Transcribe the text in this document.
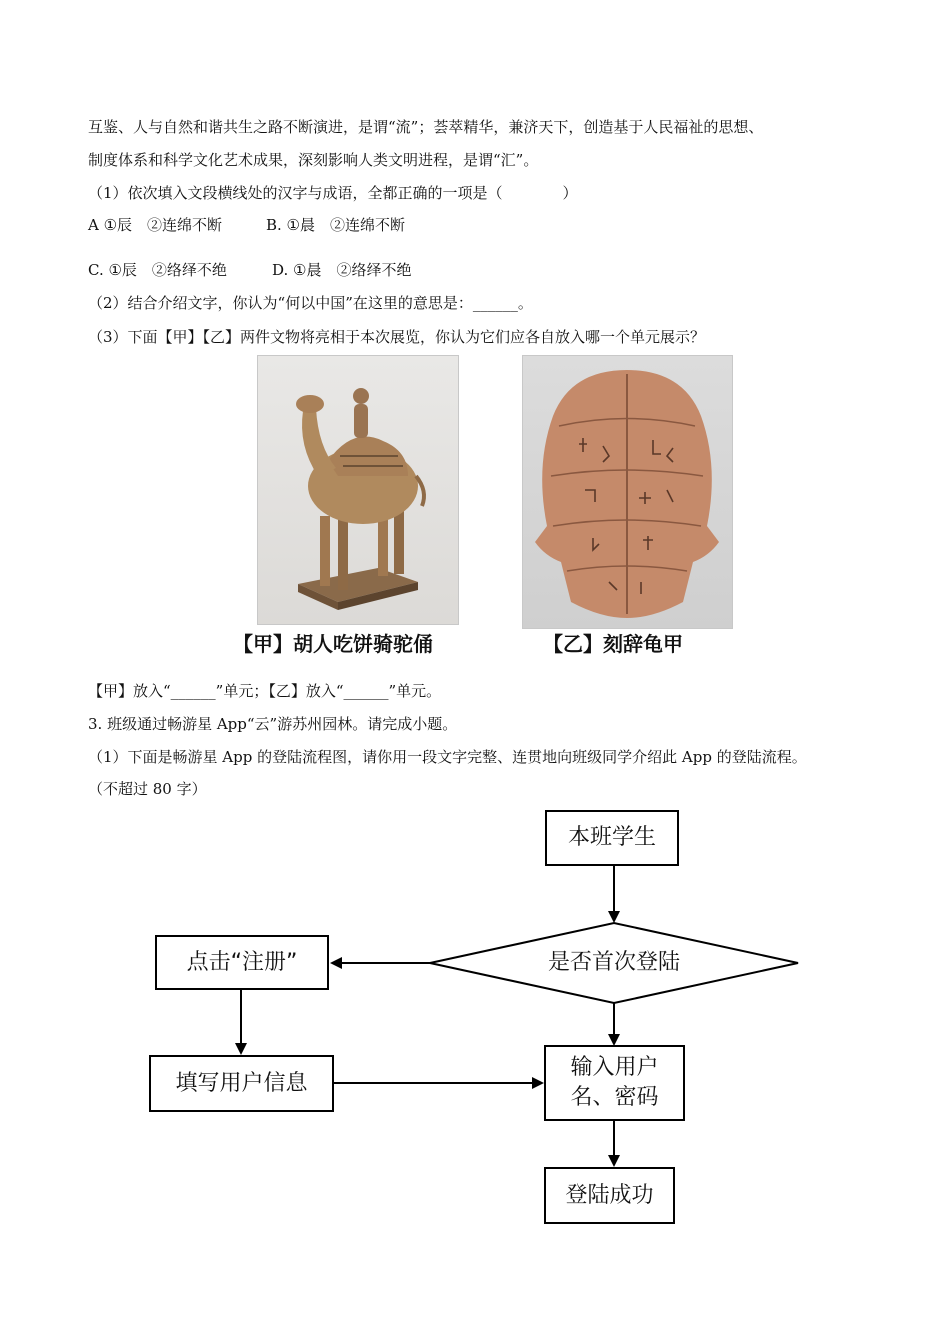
互鉴、人与自然和谐共生之路不断演进，是谓“流”；荟萃精华，兼济天下，创造基于人民福祉的思想、
制度体系和科学文化艺术成果，深刻影响人类文明进程，是谓“汇”。
（1）依次填入文段横线处的汉字与成语，全都正确的一项是（　　　　）
A ①辰　②连绵不断	B. ①晨　②连绵不断
C. ①辰　②络绎不绝	D. ①晨　②络绎不绝
（2）结合介绍文字，你认为“何以中国”在这里的意思是：______。
（3）下面【甲】【乙】两件文物将亮相于本次展览，你认为它们应各自放入哪一个单元展示？
【甲】胡人吃饼骑驼俑	【乙】刻辞龟甲
【甲】放入“______”单元；【乙】放入“______”单元。
3. 班级通过畅游星 App“云”游苏州园林。请完成小题。
（1）下面是畅游星 App 的登陆流程图，请你用一段文字完整、连贯地向班级同学介绍此 App 的登陆流程。
（不超过 80 字）
本班学生
是否首次登陆
点击“注册”
填写用户信息
输入用户
名、密码
登陆成功
